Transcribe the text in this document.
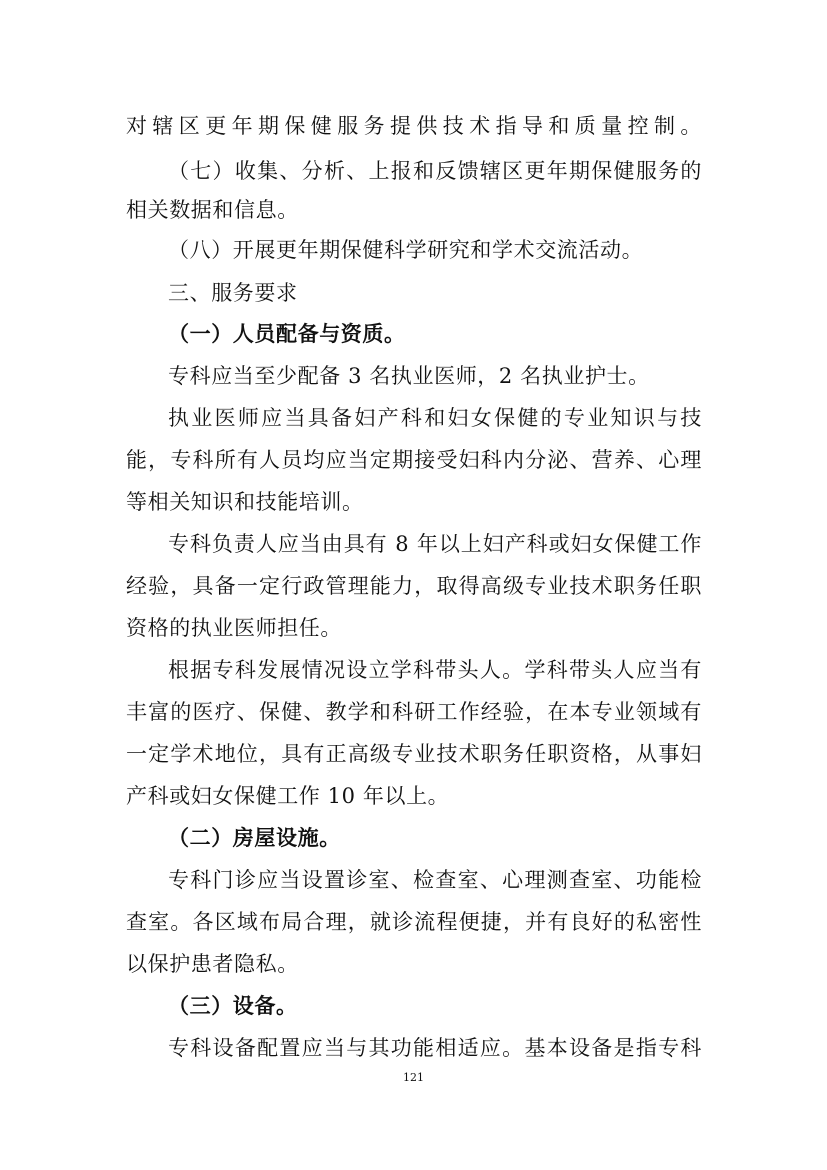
对辖区更年期保健服务提供技术指导和质量控制。
（七）收集、分析、上报和反馈辖区更年期保健服务的
相关数据和信息。
（八）开展更年期保健科学研究和学术交流活动。
三、服务要求
（一）人员配备与资质。
专科应当至少配备 3 名执业医师，2 名执业护士。
执业医师应当具备妇产科和妇女保健的专业知识与技
能，专科所有人员均应当定期接受妇科内分泌、营养、心理
等相关知识和技能培训。
专科负责人应当由具有 8 年以上妇产科或妇女保健工作
经验，具备一定行政管理能力，取得高级专业技术职务任职
资格的执业医师担任。
根据专科发展情况设立学科带头人。学科带头人应当有
丰富的医疗、保健、教学和科研工作经验，在本专业领域有
一定学术地位，具有正高级专业技术职务任职资格，从事妇
产科或妇女保健工作 10 年以上。
（二）房屋设施。
专科门诊应当设置诊室、检查室、心理测查室、功能检
查室。各区域布局合理，就诊流程便捷，并有良好的私密性
以保护患者隐私。
（三）设备。
专科设备配置应当与其功能相适应。基本设备是指专科
121
